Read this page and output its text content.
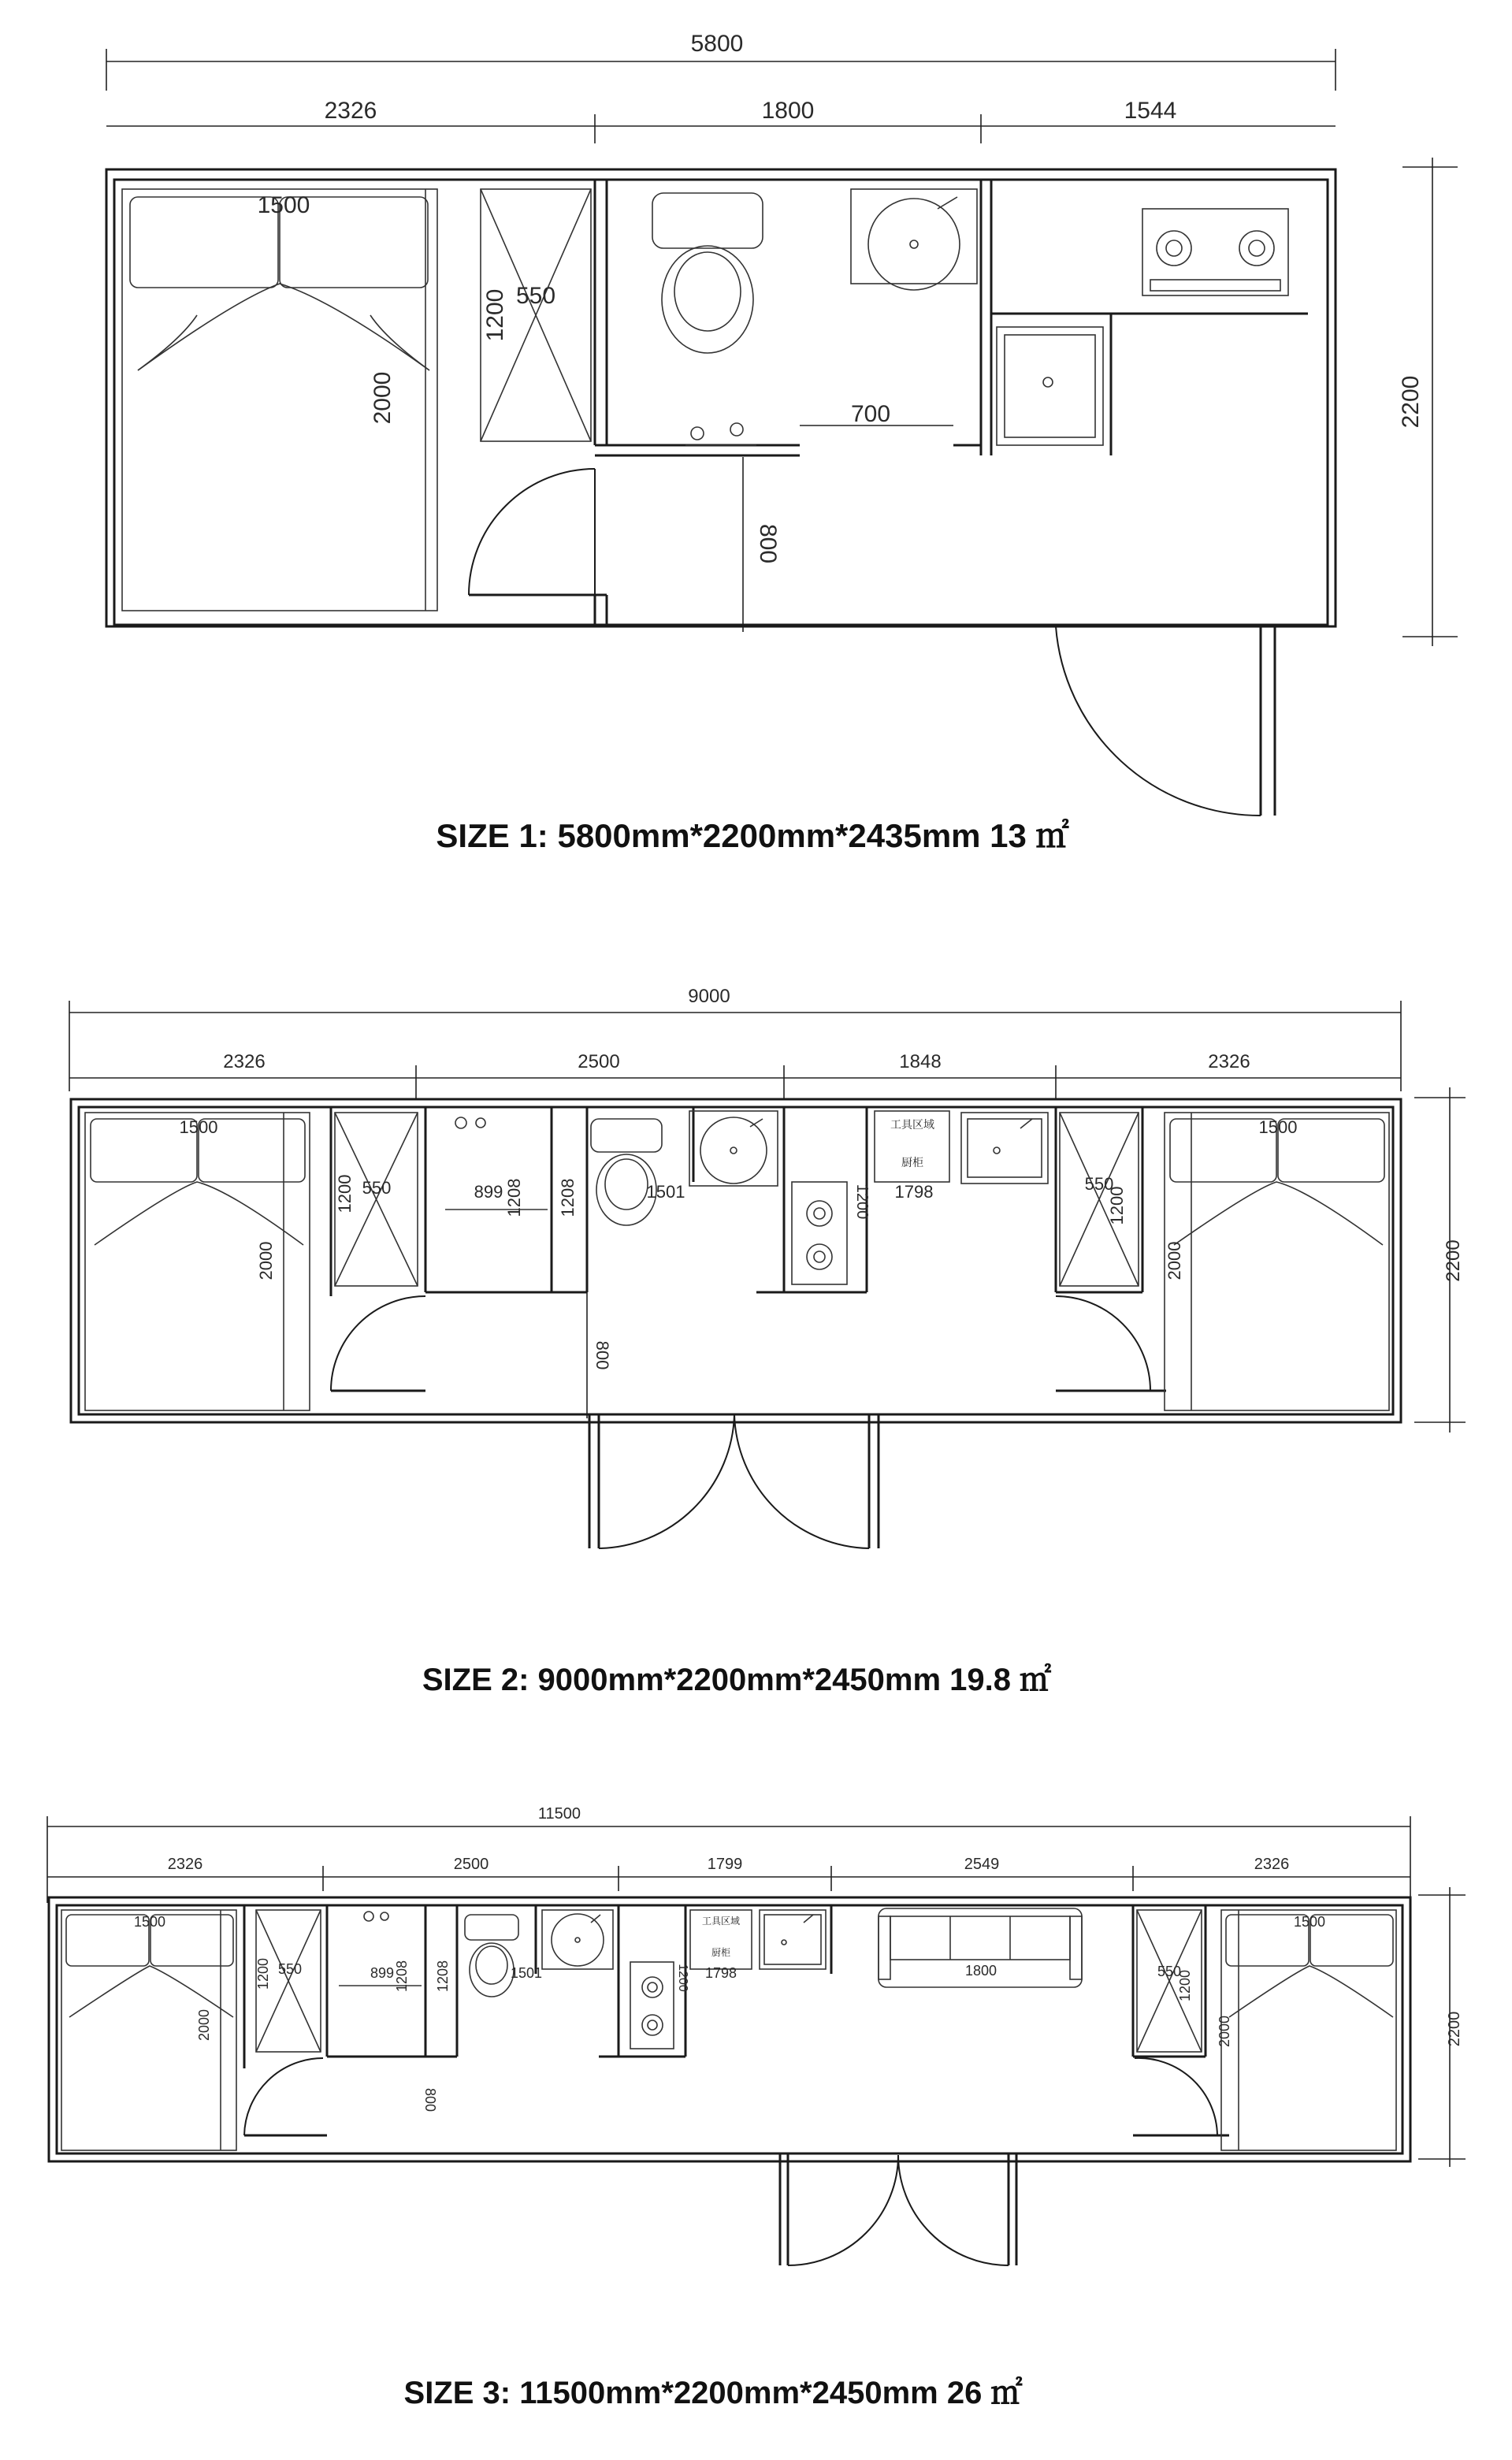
5800
2326	1800	1544
2200
1500
2000
550
1200
700
800
SIZE 1: 5800mm*2200mm*2435mm 13 ㎡
9000
2326	2500	1848	2326
2200
1500
2000
550
1200	899 1208 1208	1501	1200
工具区域
厨柜
1798	550
1200
1500
2000
800
SIZE 2: 9000mm*2200mm*2450mm 19.8 ㎡
11500
2326	2500	1799	2549	2326
2200
1500
2000
550
1200	899 1208 1208	1501	1200
工具区域
厨柜
1798	1800	550
1200
1500
2000
800
SIZE 3: 11500mm*2200mm*2450mm 26 ㎡
